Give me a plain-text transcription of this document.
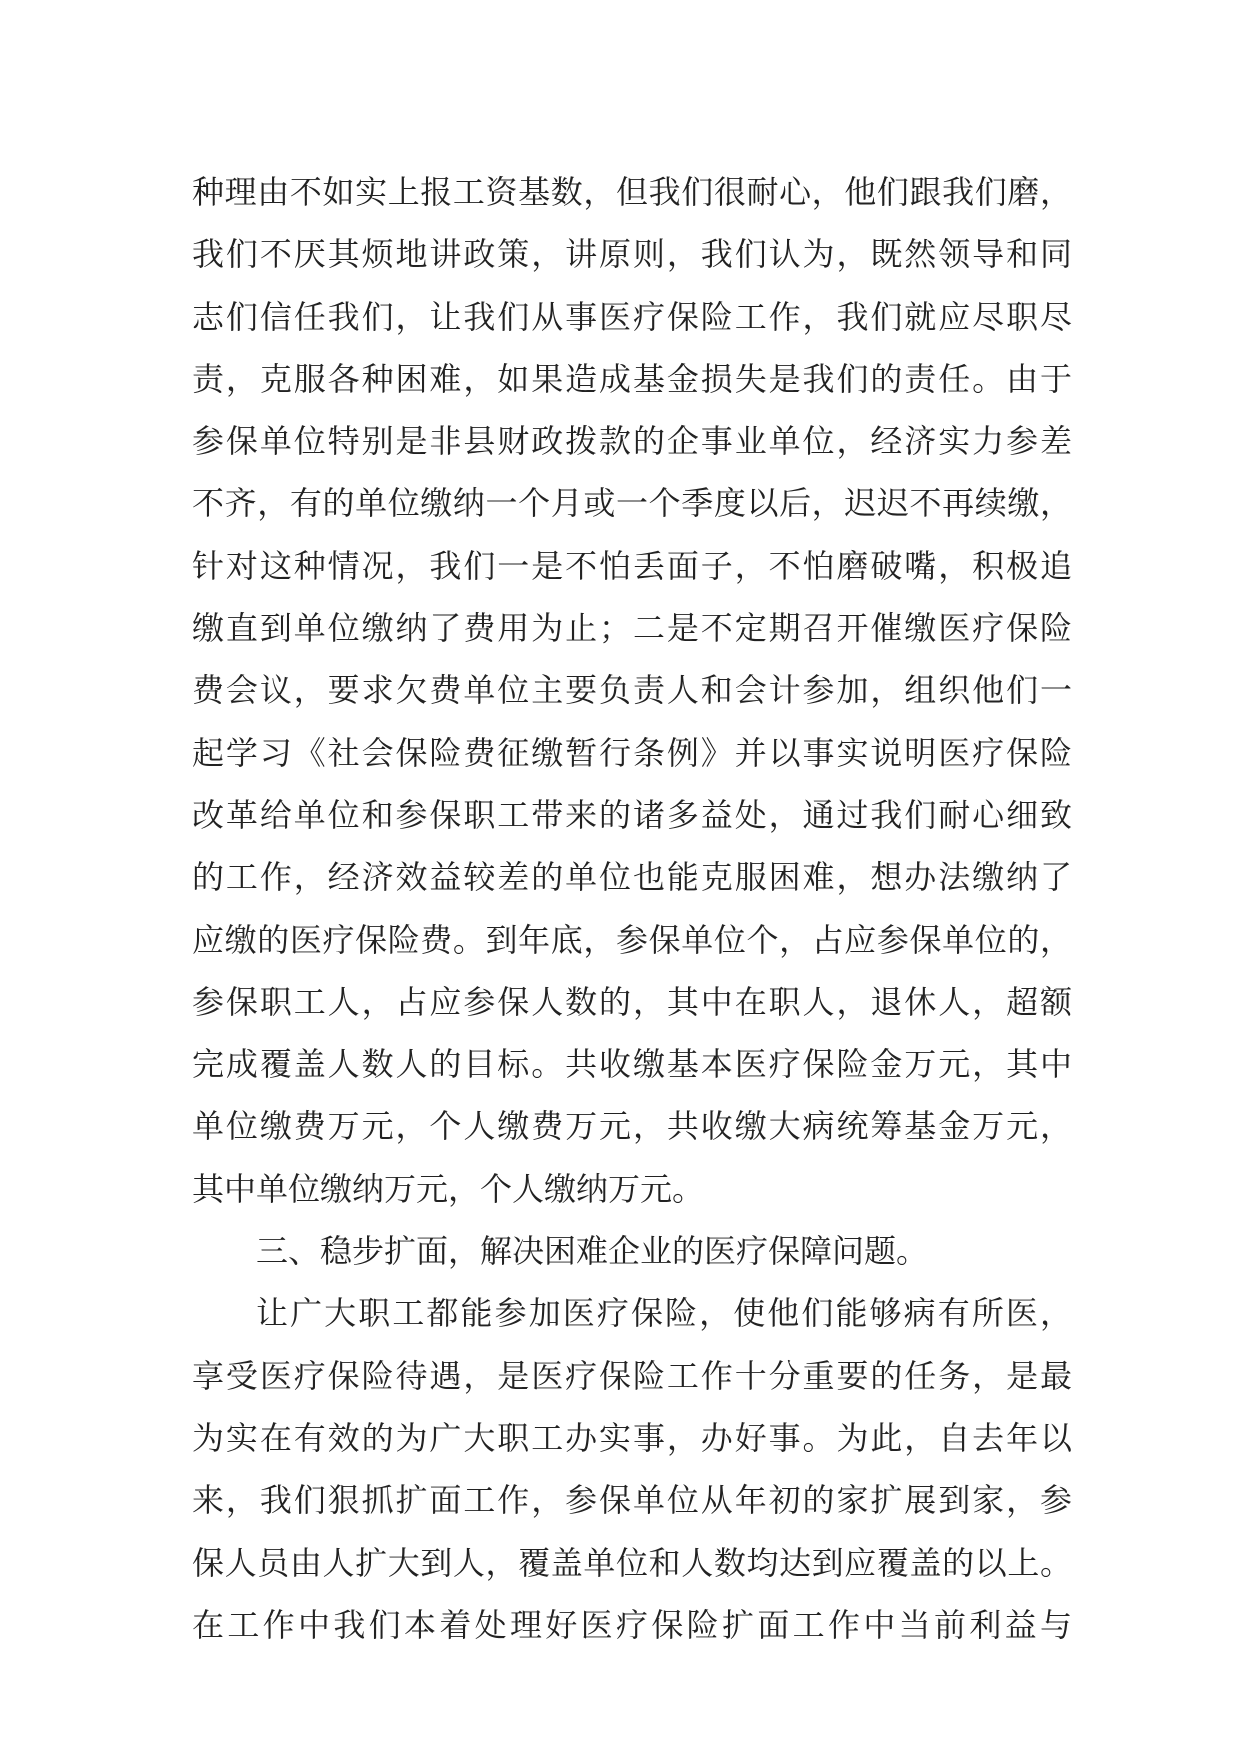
种理由不如实上报工资基数，但我们很耐心，他们跟我们磨，
我们不厌其烦地讲政策，讲原则，我们认为，既然领导和同
志们信任我们，让我们从事医疗保险工作，我们就应尽职尽
责，克服各种困难，如果造成基金损失是我们的责任。由于
参保单位特别是非县财政拨款的企事业单位，经济实力参差
不齐，有的单位缴纳一个月或一个季度以后，迟迟不再续缴，
针对这种情况，我们一是不怕丢面子，不怕磨破嘴，积极追
缴直到单位缴纳了费用为止；二是不定期召开催缴医疗保险
费会议，要求欠费单位主要负责人和会计参加，组织他们一
起学习《社会保险费征缴暂行条例》并以事实说明医疗保险
改革给单位和参保职工带来的诸多益处，通过我们耐心细致
的工作，经济效益较差的单位也能克服困难，想办法缴纳了
应缴的医疗保险费。到年底，参保单位个，占应参保单位的，
参保职工人，占应参保人数的，其中在职人，退休人，超额
完成覆盖人数人的目标。共收缴基本医疗保险金万元，其中
单位缴费万元，个人缴费万元，共收缴大病统筹基金万元，
其中单位缴纳万元，个人缴纳万元。
三、稳步扩面，解决困难企业的医疗保障问题。
让广大职工都能参加医疗保险，使他们能够病有所医，
享受医疗保险待遇，是医疗保险工作十分重要的任务，是最
为实在有效的为广大职工办实事，办好事。为此，自去年以
来，我们狠抓扩面工作，参保单位从年初的家扩展到家，参
保人员由人扩大到人，覆盖单位和人数均达到应覆盖的以上。
在工作中我们本着处理好医疗保险扩面工作中当前利益与
